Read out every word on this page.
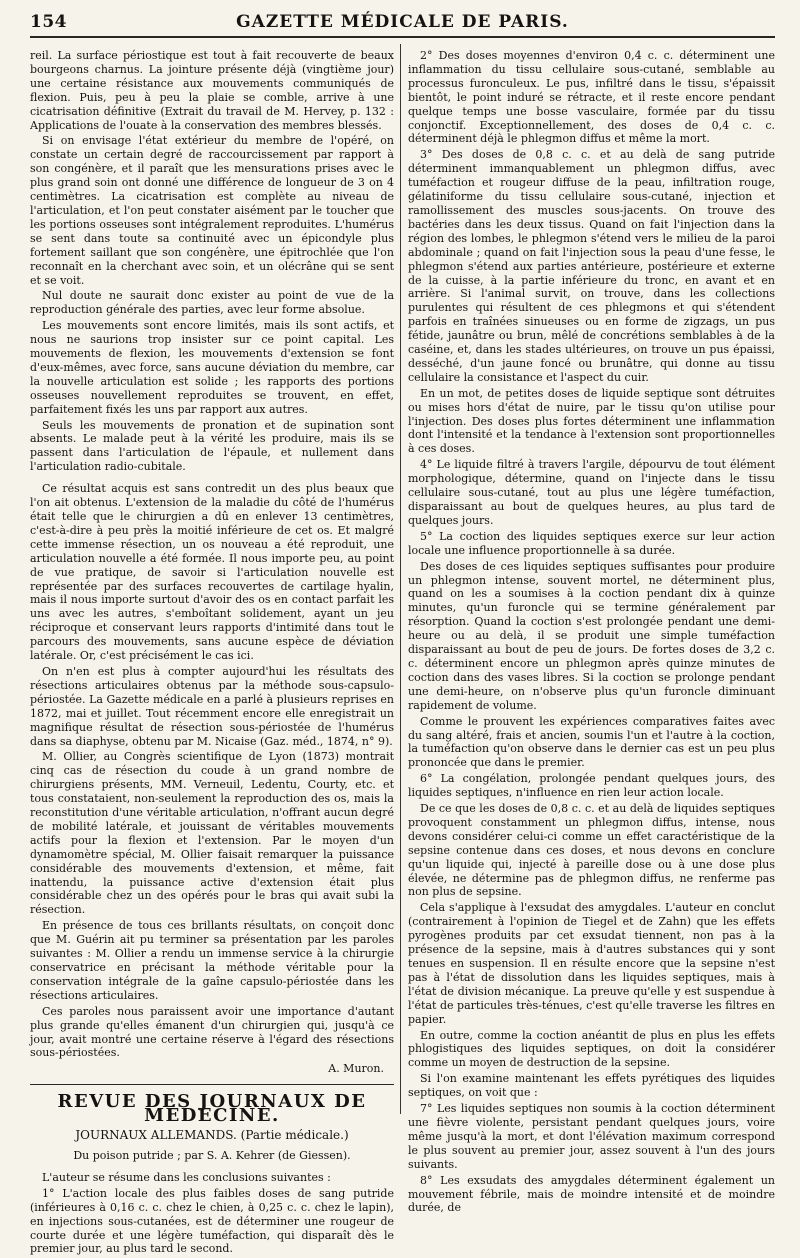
154	GAZETTE MÉDICALE DE PARIS.

reil. La surface périostique est tout à fait recouverte de beaux bourgeons charnus. La jointure présente déjà (vingtième jour) une certaine résistance aux mouvements communiqués de flexion. Puis, peu à peu la plaie se comble, arrive à une cicatrisation définitive (Extrait du travail de M. Hervey, p. 132 : Applications de l'ouate à la conservation des membres blessés.

Si on envisage l'état extérieur du membre de l'opéré, on constate un certain degré de raccourcissement par rapport à son congénère, et il paraît que les mensurations prises avec le plus grand soin ont donné une différence de longueur de 3 on 4 centimètres. La cicatrisation est complète au niveau de l'articulation, et l'on peut constater aisément par le toucher que les portions osseuses sont intégralement reproduites. L'humérus se sent dans toute sa continuité avec un épicondyle plus fortement saillant que son congénère, une épitrochlée que l'on reconnaît en la cherchant avec soin, et un olécrâne qui se sent et se voit.

Nul doute ne saurait donc exister au point de vue de la reproduction générale des parties, avec leur forme absolue.

Les mouvements sont encore limités, mais ils sont actifs, et nous ne saurions trop insister sur ce point capital. Les mouvements de flexion, les mouvements d'extension se font d'eux-mêmes, avec force, sans aucune déviation du membre, car la nouvelle articulation est solide ; les rapports des portions osseuses nouvellement reproduites se trouvent, en effet, parfaitement fixés les uns par rapport aux autres.

Seuls les mouvements de pronation et de supination sont absents. Le malade peut à la vérité les produire, mais ils se passent dans l'articulation de l'épaule, et nullement dans l'articulation radio-cubitale.

Ce résultat acquis est sans contredit un des plus beaux que l'on ait obtenus. L'extension de la maladie du côté de l'humérus était telle que le chirurgien a dû en enlever 13 centimètres, c'est-à-dire à peu près la moitié inférieure de cet os. Et malgré cette immense résection, un os nouveau a été reproduit, une articulation nouvelle a été formée. Il nous importe peu, au point de vue pratique, de savoir si l'articulation nouvelle est représentée par des surfaces recouvertes de cartilage hyalin, mais il nous importe surtout d'avoir des os en contact parfait les uns avec les autres, s'emboîtant solidement, ayant un jeu réciproque et conservant leurs rapports d'intimité dans tout le parcours des mouvements, sans aucune espèce de déviation latérale. Or, c'est précisément le cas ici.

On n'en est plus à compter aujourd'hui les résultats des résections articulaires obtenus par la méthode sous-capsulo-périostée. La Gazette médicale en a parlé à plusieurs reprises en 1872, mai et juillet. Tout récemment encore elle enregistrait un magnifique résultat de résection sous-périostée de l'humérus dans sa diaphyse, obtenu par M. Nicaise (Gaz. méd., 1874, n° 9).

M. Ollier, au Congrès scientifique de Lyon (1873) montrait cinq cas de résection du coude à un grand nombre de chirurgiens présents, MM. Verneuil, Ledentu, Courty, etc. et tous constataient, non-seulement la reproduction des os, mais la reconstitution d'une véritable articulation, n'offrant aucun degré de mobilité latérale, et jouissant de véritables mouvements actifs pour la flexion et l'extension. Par le moyen d'un dynamomètre spécial, M. Ollier faisait remarquer la puissance considérable des mouvements d'extension, et même, fait inattendu, la puissance active d'extension était plus considérable chez un des opérés pour le bras qui avait subi la résection.

En présence de tous ces brillants résultats, on conçoit donc que M. Guérin ait pu terminer sa présentation par les paroles suivantes : M. Ollier a rendu un immense service à la chirurgie conservatrice en précisant la méthode véritable pour la conservation intégrale de la gaîne capsulo-périostée dans les résections articulaires.

Ces paroles nous paraissent avoir une importance d'autant plus grande qu'elles émanent d'un chirurgien qui, jusqu'à ce jour, avait montré une certaine réserve à l'égard des résections sous-périostées.

A. Muron.
REVUE DES JOURNAUX DE MÉDECINE.
JOURNAUX ALLEMANDS. (Partie médicale.)
Du poison putride ; par S. A. Kehrer (de Giessen).

L'auteur se résume dans les conclusions suivantes :

1° L'action locale des plus faibles doses de sang putride (inférieures à 0,16 c. c. chez le chien, à 0,25 c. c. chez le lapin), en injections sous-cutanées, est de déterminer une rougeur de courte durée et une légère tuméfaction, qui disparaît dès le premier jour, au plus tard le second.

2° Des doses moyennes d'environ 0,4 c. c. déterminent une inflammation du tissu cellulaire sous-cutané, semblable au processus furonculeux. Le pus, infiltré dans le tissu, s'épaissit bientôt, le point induré se rétracte, et il reste encore pendant quelque temps une bosse vasculaire, formée par du tissu conjonctif. Exceptionnellement, des doses de 0,4 c. c. déterminent déjà le phlegmon diffus et même la mort.

3° Des doses de 0,8 c. c. et au delà de sang putride déterminent immanquablement un phlegmon diffus, avec tuméfaction et rougeur diffuse de la peau, infiltration rouge, gélatiniforme du tissu cellulaire sous-cutané, injection et ramollissement des muscles sous-jacents. On trouve des bactéries dans les deux tissus. Quand on fait l'injection dans la région des lombes, le phlegmon s'étend vers le milieu de la paroi abdominale ; quand on fait l'injection sous la peau d'une fesse, le phlegmon s'étend aux parties antérieure, postérieure et externe de la cuisse, à la partie inférieure du tronc, en avant et en arrière. Si l'animal survit, on trouve, dans les collections purulentes qui résultent de ces phlegmons et qui s'étendent parfois en traînées sinueuses ou en forme de zigzags, un pus fétide, jaunâtre ou brun, mêlé de concrétions semblables à de la caséine, et, dans les stades ultérieures, on trouve un pus épaissi, desséché, d'un jaune foncé ou brunâtre, qui donne au tissu cellulaire la consistance et l'aspect du cuir.

En un mot, de petites doses de liquide septique sont détruites ou mises hors d'état de nuire, par le tissu qu'on utilise pour l'injection. Des doses plus fortes déterminent une inflammation dont l'intensité et la tendance à l'extension sont proportionnelles à ces doses.

4° Le liquide filtré à travers l'argile, dépourvu de tout élément morphologique, détermine, quand on l'injecte dans le tissu cellulaire sous-cutané, tout au plus une légère tuméfaction, disparaissant au bout de quelques heures, au plus tard de quelques jours.

5° La coction des liquides septiques exerce sur leur action locale une influence proportionnelle à sa durée.

Des doses de ces liquides septiques suffisantes pour produire un phlegmon intense, souvent mortel, ne déterminent plus, quand on les a soumises à la coction pendant dix à quinze minutes, qu'un furoncle qui se termine généralement par résorption. Quand la coction s'est prolongée pendant une demi-heure ou au delà, il se produit une simple tuméfaction disparaissant au bout de peu de jours. De fortes doses de 3,2 c. c. déterminent encore un phlegmon après quinze minutes de coction dans des vases libres. Si la coction se prolonge pendant une demi-heure, on n'observe plus qu'un furoncle diminuant rapidement de volume.

Comme le prouvent les expériences comparatives faites avec du sang altéré, frais et ancien, soumis l'un et l'autre à la coction, la tuméfaction qu'on observe dans le dernier cas est un peu plus prononcée que dans le premier.

6° La congélation, prolongée pendant quelques jours, des liquides septiques, n'influence en rien leur action locale.

De ce que les doses de 0,8 c. c. et au delà de liquides septiques provoquent constamment un phlegmon diffus, intense, nous devons considérer celui-ci comme un effet caractéristique de la sepsine contenue dans ces doses, et nous devons en conclure qu'un liquide qui, injecté à pareille dose ou à une dose plus élevée, ne détermine pas de phlegmon diffus, ne renferme pas non plus de sepsine.

Cela s'applique à l'exsudat des amygdales. L'auteur en conclut (contrairement à l'opinion de Tiegel et de Zahn) que les effets pyrogènes produits par cet exsudat tiennent, non pas à la présence de la sepsine, mais à d'autres substances qui y sont tenues en suspension. Il en résulte encore que la sepsine n'est pas à l'état de dissolution dans les liquides septiques, mais à l'état de division mécanique. La preuve qu'elle y est suspendue à l'état de particules très-ténues, c'est qu'elle traverse les filtres en papier.

En outre, comme la coction anéantit de plus en plus les effets phlogistiques des liquides septiques, on doit la considérer comme un moyen de destruction de la sepsine.

Si l'on examine maintenant les effets pyrétiques des liquides septiques, on voit que :

7° Les liquides septiques non soumis à la coction déterminent une fièvre violente, persistant pendant quelques jours, voire même jusqu'à la mort, et dont l'élévation maximum correspond le plus souvent au premier jour, assez souvent à l'un des jours suivants.

8° Les exsudats des amygdales déterminent également un mouvement fébrile, mais de moindre intensité et de moindre durée, de
